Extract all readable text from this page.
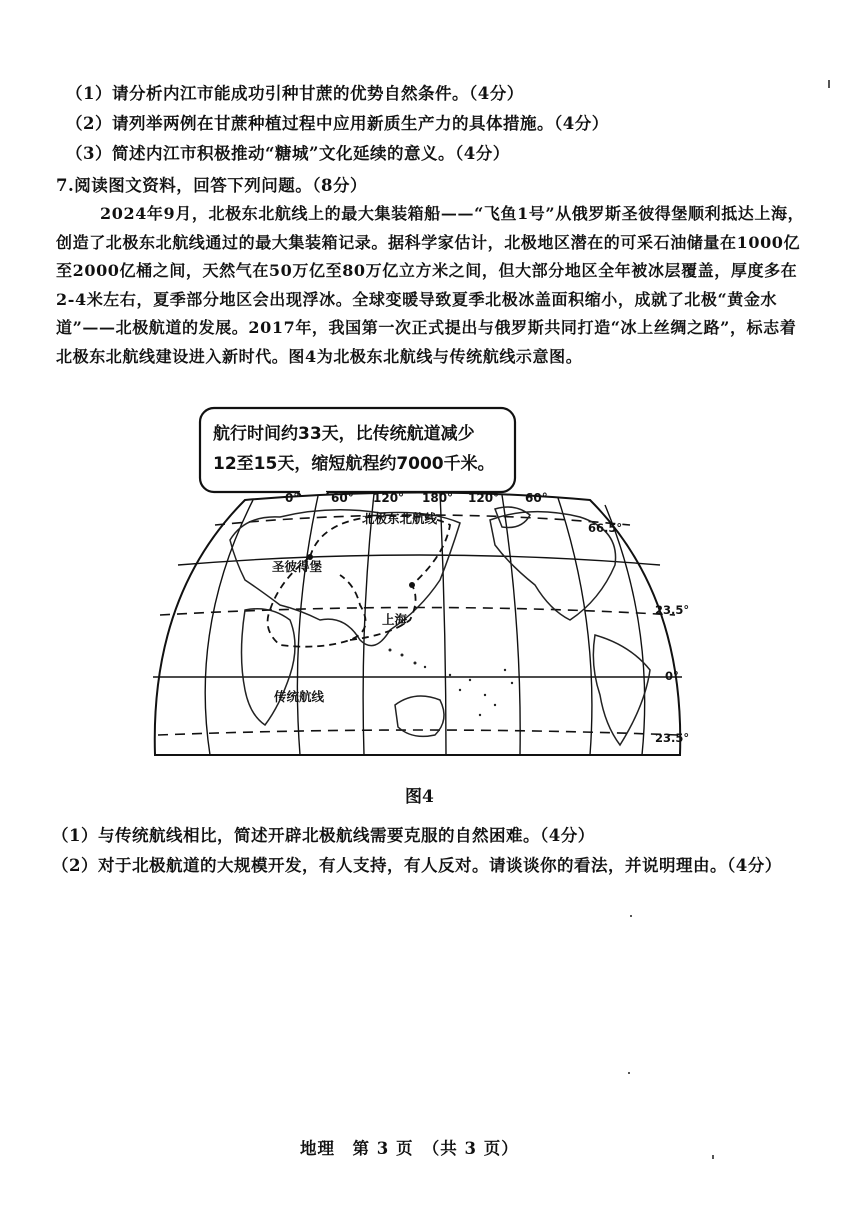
（1）请分析内江市能成功引种甘蔗的优势自然条件。（4分）
（2）请列举两例在甘蔗种植过程中应用新质生产力的具体措施。（4分）
（3）简述内江市积极推动“糖城”文化延续的意义。（4分）
7.阅读图文资料，回答下列问题。（8分）
2024年9月，北极东北航线上的最大集装箱船——“飞鱼1号”从俄罗斯圣彼得堡顺利抵达上海，创造了北极东北航线通过的最大集装箱记录。据科学家估计，北极地区潜在的可采石油储量在1000亿至2000亿桶之间，天然气在50万亿至80万亿立方米之间，但大部分地区全年被冰层覆盖，厚度多在2-4米左右，夏季部分地区会出现浮冰。全球变暖导致夏季北极冰盖面积缩小，成就了北极“黄金水道”——北极航道的发展。2017年，我国第一次正式提出与俄罗斯共同打造“冰上丝绸之路”，标志着北极东北航线建设进入新时代。图4为北极东北航线与传统航线示意图。
航行时间约33天，比传统航道减少
12至15天，缩短航程约7000千米。
0°	60° 120° 180° 120° 60°
66.5°
23.5°
0°
23.5°
北极东北航线
圣彼得堡
上海
传统航线
图4
（1）与传统航线相比，简述开辟北极航线需要克服的自然困难。（4分）
（2）对于北极航道的大规模开发，有人支持，有人反对。请谈谈你的看法，并说明理由。（4分）
地理　第 3 页　（共 3 页）
